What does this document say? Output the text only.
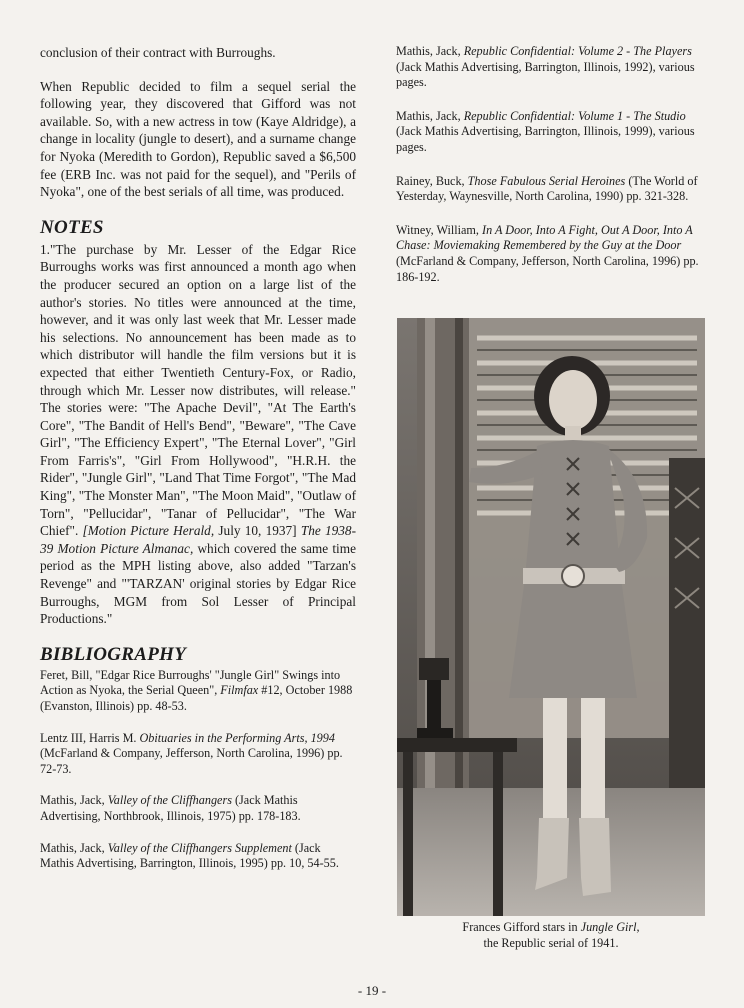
conclusion of their contract with Burroughs.

When Republic decided to film a sequel serial the following year, they discovered that Gifford was not available. So, with a new actress in tow (Kaye Aldridge), a change in locality (jungle to desert), and a surname change for Nyoka (Meredith to Gordon), Republic saved a $6,500 fee (ERB Inc. was not paid for the sequel), and "Perils of Nyoka", one of the best serials of all time, was produced.

NOTES

1."The purchase by Mr. Lesser of the Edgar Rice Burroughs works was first announced a month ago when the producer secured an option on a large list of the author's stories. No titles were announced at the time, however, and it was only last week that Mr. Lesser made his selections. No announcement has been made as to which distributor will handle the film versions but it is expected that either Twentieth Century-Fox, or Radio, through which Mr. Lesser now distributes, will release." The stories were: "The Apache Devil", "At The Earth's Core", "The Bandit of Hell's Bend", "Beware", "The Cave Girl", "The Efficiency Expert", "The Eternal Lover", "Girl From Farris's", "Girl From Hollywood", "H.R.H. the Rider", "Jungle Girl", "Land That Time Forgot", "The Mad King", "The Monster Man", "The Moon Maid", "Outlaw of Torn", "Pellucidar", "Tanar of Pellucidar", "The War Chief". [Motion Picture Herald, July 10, 1937] The 1938-39 Motion Picture Almanac, which covered the same time period as the MPH listing above, also added "Tarzan's Revenge" and "'TARZAN' original stories by Edgar Rice Burroughs, MGM from Sol Lesser of Principal Productions."

BIBLIOGRAPHY

Feret, Bill, "Edgar Rice Burroughs' "Jungle Girl" Swings into Action as Nyoka, the Serial Queen", Filmfax #12, October 1988 (Evanston, Illinois) pp. 48-53.

Lentz III, Harris M. Obituaries in the Performing Arts, 1994 (McFarland & Company, Jefferson, North Carolina, 1996) pp. 72-73.

Mathis, Jack, Valley of the Cliffhangers (Jack Mathis Advertising, Northbrook, Illinois, 1975) pp. 178-183.

Mathis, Jack, Valley of the Cliffhangers Supplement (Jack Mathis Advertising, Barrington, Illinois, 1995) pp. 10, 54-55.

Mathis, Jack, Republic Confidential: Volume 2 - The Players (Jack Mathis Advertising, Barrington, Illinois, 1992), various pages.

Mathis, Jack, Republic Confidential: Volume 1 - The Studio (Jack Mathis Advertising, Barrington, Illinois, 1999), various pages.

Rainey, Buck, Those Fabulous Serial Heroines (The World of Yesterday, Waynesville, North Carolina, 1990) pp. 321-328.

Witney, William, In A Door, Into A Fight, Out A Door, Into A Chase: Moviemaking Remembered by the Guy at the Door (McFarland & Company, Jefferson, North Carolina, 1996) pp. 186-192.

Frances Gifford stars in Jungle Girl,
the Republic serial of 1941.
- 19 -
